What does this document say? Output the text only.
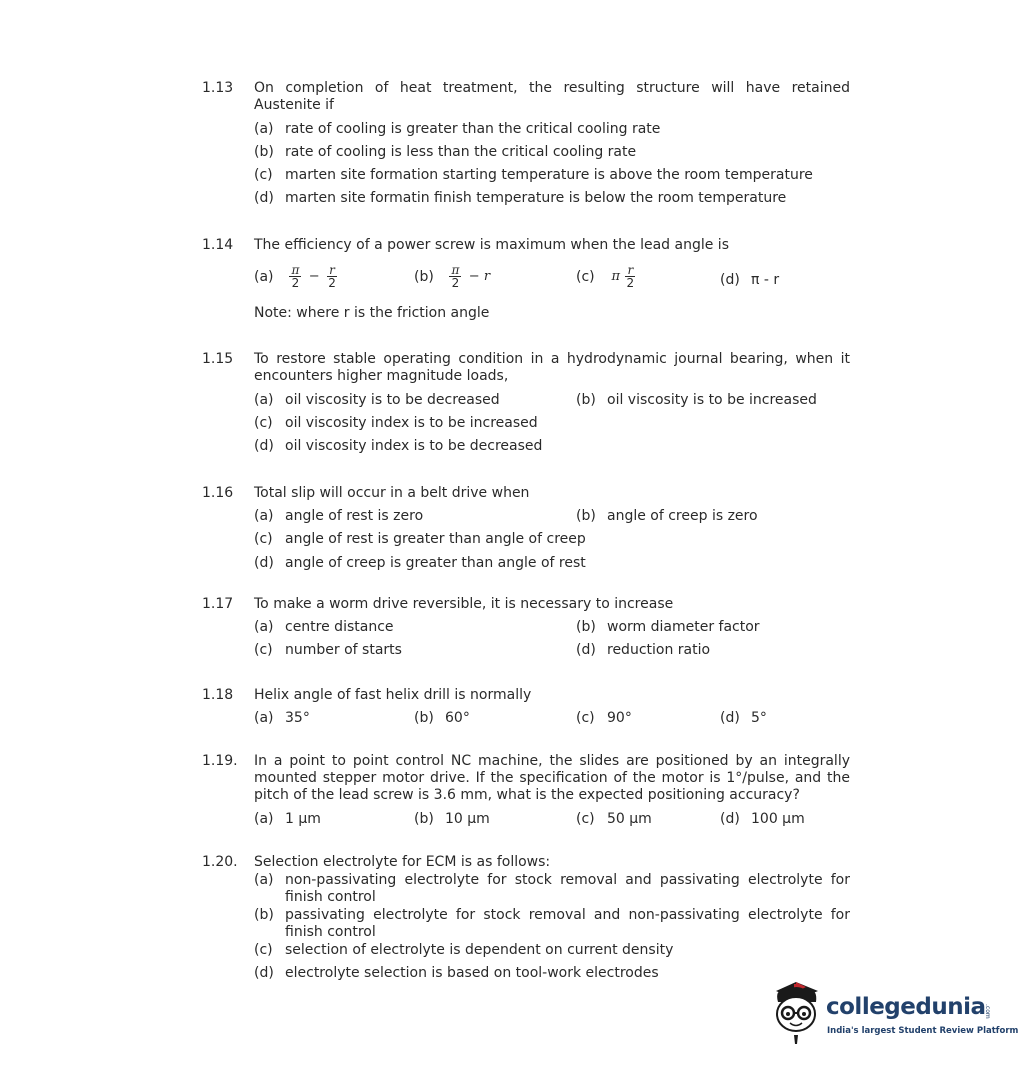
1.13 On completion of heat treatment, the resulting structure will have retained Austenite if
(a) rate of cooling is greater than the critical cooling rate
(b) rate of cooling is less than the critical cooling rate
(c) marten site formation starting temperature is above the room temperature
(d) marten site formatin finish temperature is below the room temperature
1.14 The efficiency of a power screw is maximum when the lead angle is
$(a) \frac{\pi}{2} - \frac{r}{2}$	$(b) \frac{\pi}{2} - r$	(c) π $\frac{r}{2}$	(d) π - r
Note: where r is the friction angle
1.15 To restore stable operating condition in a hydrodynamic journal bearing, when it encounters higher magnitude loads,
(a) oil viscosity is to be decreased	(b) oil viscosity is to be increased
(c) oil viscosity index is to be increased
(d) oil viscosity index is to be decreased
1.16 Total slip will occur in a belt drive when
(a) angle of rest is zero	(b) angle of creep is zero
(c) angle of rest is greater than angle of creep
(d) angle of creep is greater than angle of rest
1.17 To make a worm drive reversible, it is necessary to increase
(a) centre distance	(b) worm diameter factor
(c) number of starts	(d) reduction ratio
1.18 Helix angle of fast helix drill is normally
(a) 35°	(b) 60°	(c) 90°	(d) 5°
1.19. In a point to point control NC machine, the slides are positioned by an integrally mounted stepper motor drive. If the specification of the motor is 1°/pulse, and the pitch of the lead screw is 3.6 mm, what is the expected positioning accuracy?
(a) 1 μm	(b) 10 μm	(c) 50 μm	(d) 100 μm
1.20. Selection electrolyte for ECM is as follows:
(a) non-passivating electrolyte for stock removal and passivating electrolyte for finish control
(b) passivating electrolyte for stock removal and non-passivating electrolyte for finish control
(c) selection of electrolyte is dependent on current density
(d) electrolyte selection is based on tool-work electrodes
collegedunia
.com
India's largest Student Review Platform
